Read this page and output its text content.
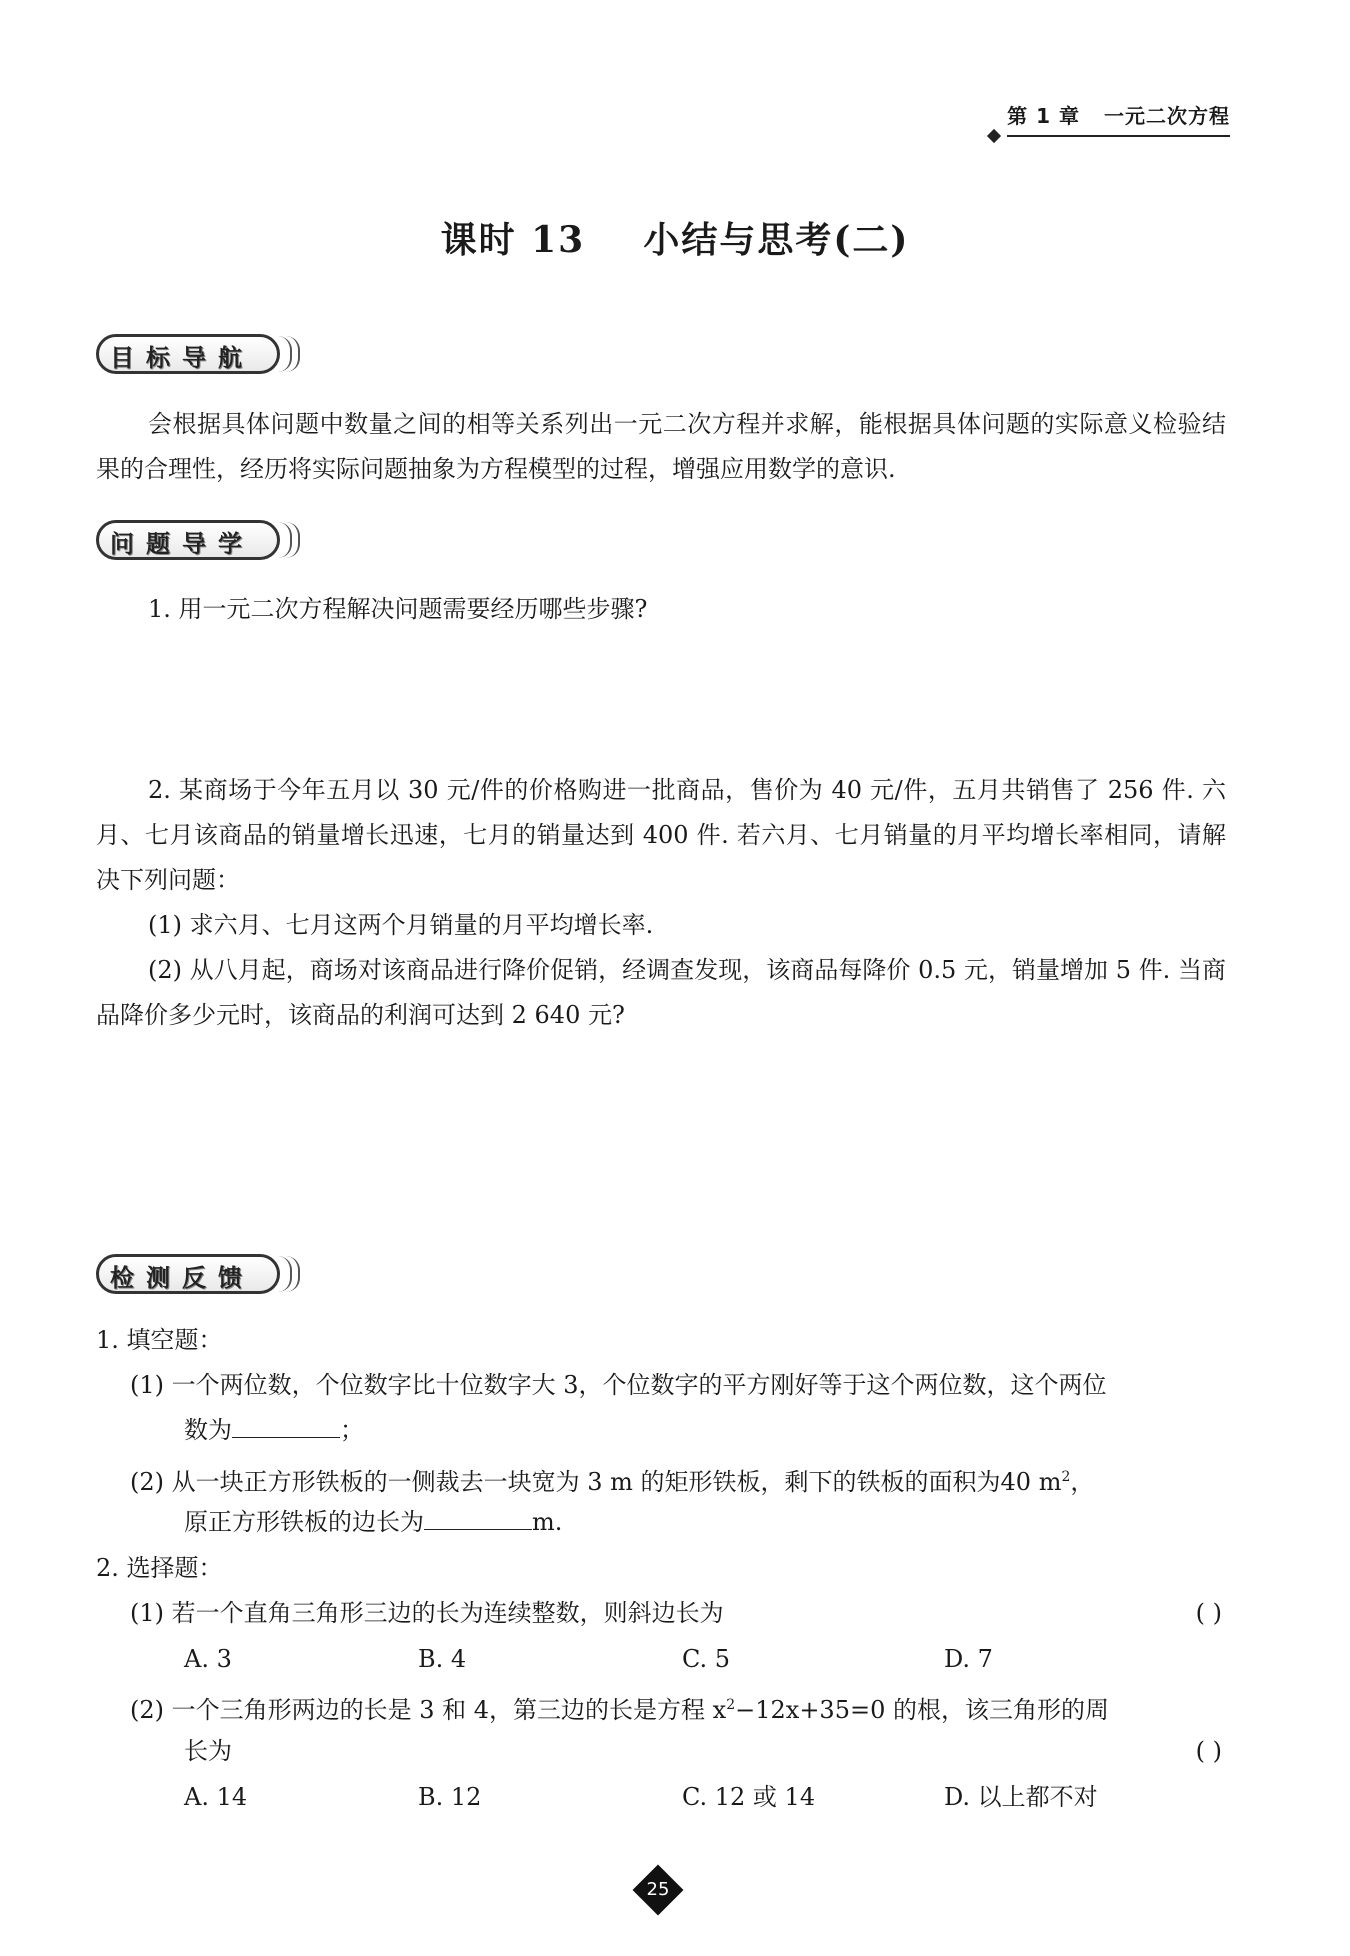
第 1 章 一元二次方程
课时 13    小结与思考(二)
目标导航
会根据具体问题中数量之间的相等关系列出一元二次方程并求解，能根据具体问题的实际意义检验结果的合理性，经历将实际问题抽象为方程模型的过程，增强应用数学的意识.
问题导学
1. 用一元二次方程解决问题需要经历哪些步骤?
2. 某商场于今年五月以 30 元/件的价格购进一批商品，售价为 40 元/件，五月共销售了 256 件. 六月、七月该商品的销量增长迅速，七月的销量达到 400 件. 若六月、七月销量的月平均增长率相同，请解决下列问题：
(1) 求六月、七月这两个月销量的月平均增长率.
(2) 从八月起，商场对该商品进行降价促销，经调查发现，该商品每降价 0.5 元，销量增加 5 件. 当商品降价多少元时，该商品的利润可达到 2 640 元?
检测反馈
1. 填空题：
(1) 一个两位数，个位数字比十位数字大 3，个位数字的平方刚好等于这个两位数，这个两位
数为	；
(2) 从一块正方形铁板的一侧裁去一块宽为 3 m 的矩形铁板，剩下的铁板的面积为40 $m^2$，
原正方形铁板的边长为	m.
2. 选择题：
(1) 若一个直角三角形三边的长为连续整数，则斜边长为	( )
A. 3	B. 4	C. 5	D. 7
(2) 一个三角形两边的长是 3 和 4，第三边的长是方程 $x^2-12x+35=0$ 的根，该三角形的周
长为	( )
A. 14	B. 12	C. 12 或 14	D. 以上都不对
25
